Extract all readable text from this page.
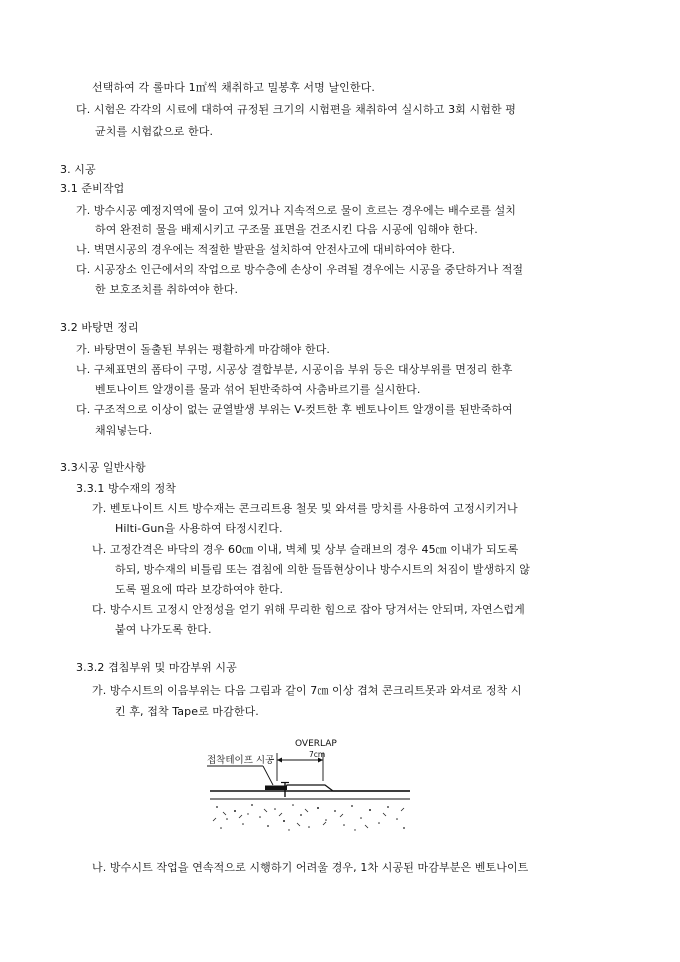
선택하여 각 롤마다 1㎡씩 채취하고 밀봉후 서명 날인한다.
다. 시험은 각각의 시료에 대하여 규정된 크기의 시험편을 채취하여 실시하고 3회 시험한 평
균치를 시험값으로 한다.
3. 시공
3.1 준비작업
가. 방수시공 예정지역에 물이 고여 있거나 지속적으로 물이 흐르는 경우에는 배수로를 설치
하여 완전히 물을 배제시키고 구조물 표면을 건조시킨 다음 시공에 임해야 한다.
나. 벽면시공의 경우에는 적절한 발판을 설치하여 안전사고에 대비하여야 한다.
다. 시공장소 인근에서의 작업으로 방수층에 손상이 우려될 경우에는 시공을 중단하거나 적절
한 보호조치를 취하여야 한다.
3.2 바탕면 정리
가. 바탕면이 돌출된 부위는 평활하게 마감해야 한다.
나. 구체표면의 폼타이 구멍, 시공상 결합부분, 시공이음 부위 등은 대상부위를 면정리 한후
벤토나이트 알갱이를 물과 섞어 된반죽하여 사춤바르기를 실시한다.
다. 구조적으로 이상이 없는 균열발생 부위는 V-컷트한 후 벤토나이트 알갱이를 된반죽하여
채워넣는다.
3.3시공 일반사항
3.3.1 방수재의 정착
가. 벤토나이트 시트 방수재는 콘크리트용 철못 및 와셔를 망치를 사용하여 고정시키거나
Hilti-Gun을 사용하여 타정시킨다.
나. 고정간격은 바닥의 경우 60㎝ 이내, 벽체 및 상부 슬래브의 경우 45㎝ 이내가 되도록
하되, 방수재의 비틀림 또는 겹침에 의한 들뜸현상이나 방수시트의 처짐이 발생하지 않
도록 필요에 따라 보강하여야 한다.
다. 방수시트 고정시 안정성을 얻기 위해 무리한 힘으로 잡아 당겨서는 안되며, 자연스럽게
붙여 나가도록 한다.
3.3.2 겹침부위 및 마감부위 시공
가. 방수시트의 이음부위는 다음 그림과 같이 7㎝ 이상 겹쳐 콘크리트못과 와셔로 정착 시
킨 후, 접착 Tape로 마감한다.
OVERLAP
7cm
접착테이프 시공
나. 방수시트 작업을 연속적으로 시행하기 어려울 경우, 1차 시공된 마감부분은 벤토나이트
